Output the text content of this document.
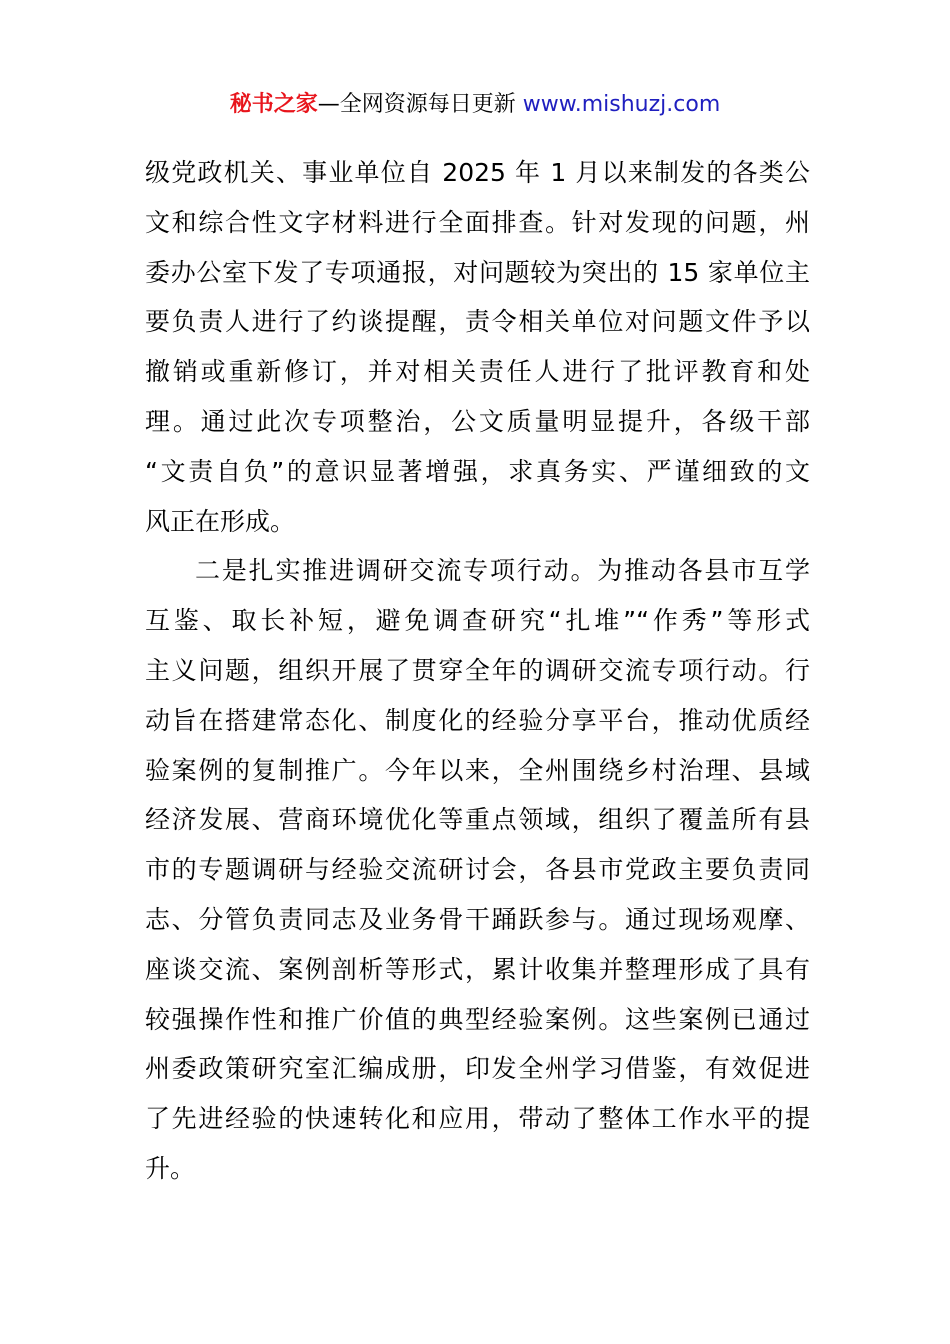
秘书之家—全网资源每日更新 www.mishuzj.com
级党政机关、事业单位自 2025 年 1 月以来制发的各类公
文和综合性文字材料进行全面排查。针对发现的问题，州
委办公室下发了专项通报，对问题较为突出的 15 家单位主
要负责人进行了约谈提醒，责令相关单位对问题文件予以
撤销或重新修订，并对相关责任人进行了批评教育和处
理。通过此次专项整治，公文质量明显提升，各级干部
“文责自负”的意识显著增强，求真务实、严谨细致的文
风正在形成。
二是扎实推进调研交流专项行动。为推动各县市互学
互鉴、取长补短，避免调查研究“扎堆”“作秀”等形式
主义问题，组织开展了贯穿全年的调研交流专项行动。行
动旨在搭建常态化、制度化的经验分享平台，推动优质经
验案例的复制推广。今年以来，全州围绕乡村治理、县域
经济发展、营商环境优化等重点领域，组织了覆盖所有县
市的专题调研与经验交流研讨会，各县市党政主要负责同
志、分管负责同志及业务骨干踊跃参与。通过现场观摩、
座谈交流、案例剖析等形式，累计收集并整理形成了具有
较强操作性和推广价值的典型经验案例。这些案例已通过
州委政策研究室汇编成册，印发全州学习借鉴，有效促进
了先进经验的快速转化和应用，带动了整体工作水平的提
升。
